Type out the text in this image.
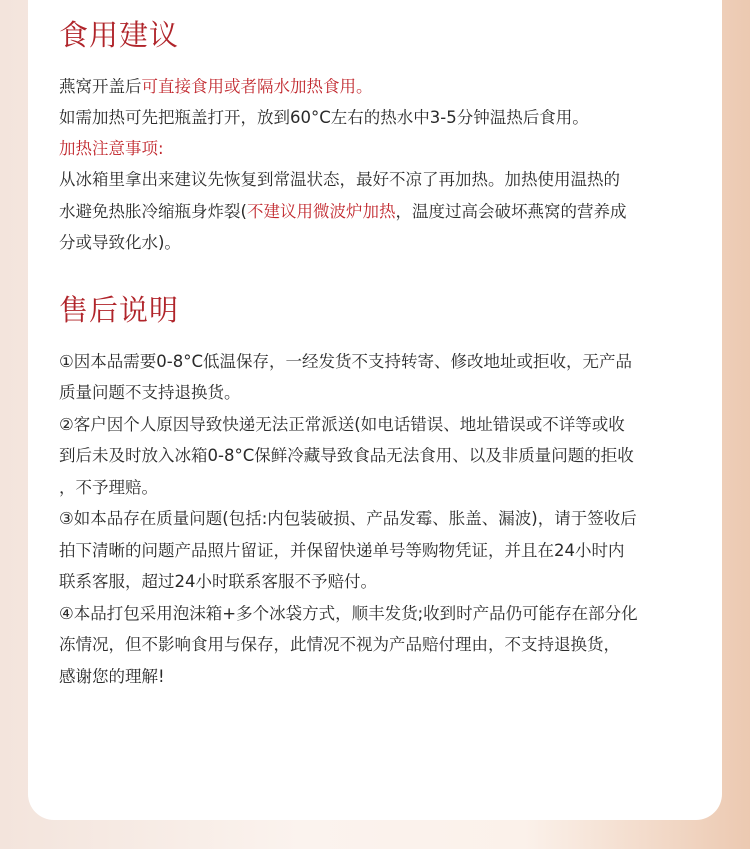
食用建议

燕窝开盖后可直接食用或者隔水加热食用。

如需加热可先把瓶盖打开，放到60°C左右的热水中3-5分钟温热后食用。

加热注意事项:

从冰箱里拿出来建议先恢复到常温状态，最好不凉了再加热。加热使用温热的

水避免热胀冷缩瓶身炸裂(不建议用微波炉加热，温度过高会破坏燕窝的营养成

分或导致化水)。

售后说明

①因本品需要0-8°C低温保存，一经发货不支持转寄、修改地址或拒收，无产品

质量问题不支持退换货。

②客户因个人原因导致快递无法正常派送(如电话错误、地址错误或不详等或收

到后未及时放入冰箱0-8°C保鲜冷藏导致食品无法食用、以及非质量问题的拒收

，不予理赔。

③如本品存在质量问题(包括:内包装破损、产品发霉、胀盖、漏波)，请于签收后

拍下清晰的问题产品照片留证，并保留快递单号等购物凭证，并且在24小时内

联系客服，超过24小时联系客服不予赔付。

④本品打包采用泡沫箱+多个冰袋方式，顺丰发货;收到时产品仍可能存在部分化

冻情况，但不影响食用与保存，此情况不视为产品赔付理由，不支持退换货，

感谢您的理解!
